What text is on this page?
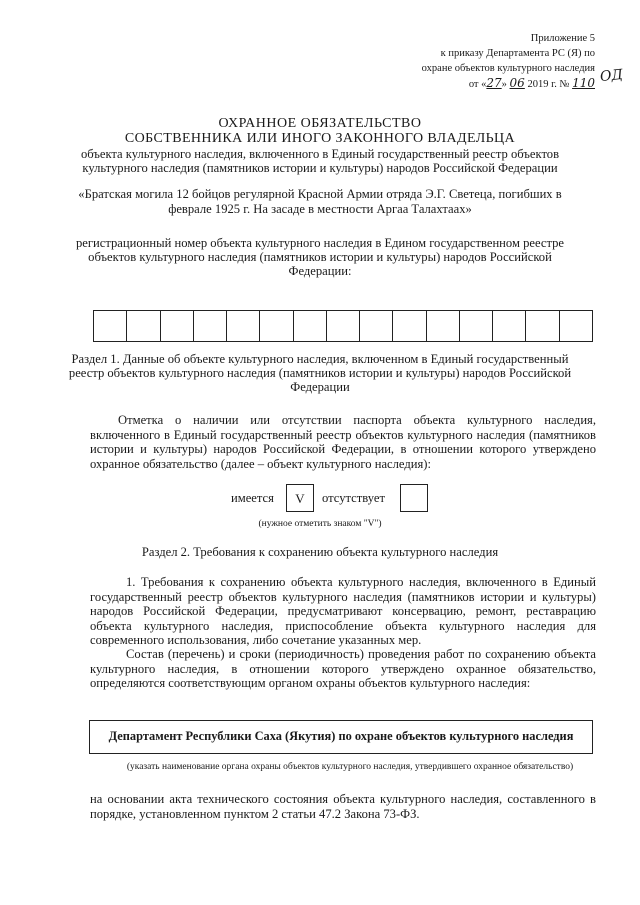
Приложение 5
к приказу Департамента РС (Я) по
охране объектов культурного наследия
от «27» 06 2019 г. № 110 ОД
ОХРАННОЕ ОБЯЗАТЕЛЬСТВО
СОБСТВЕННИКА ИЛИ ИНОГО ЗАКОННОГО ВЛАДЕЛЬЦА
объекта культурного наследия, включенного в Единый государственный реестр объектов культурного наследия (памятников истории и культуры) народов Российской Федерации
«Братская могила 12 бойцов регулярной Красной Армии отряда Э.Г. Светеца, погибших в феврале 1925 г. На засаде в местности Аргаа Талахтаах»
регистрационный номер объекта культурного наследия в Едином государственном реестре объектов культурного наследия (памятников истории и культуры) народов Российской Федерации:
Раздел 1. Данные об объекте культурного наследия, включенном в Единый государственный реестр объектов культурного наследия (памятников истории и культуры) народов Российской Федерации
Отметка о наличии или отсутствии паспорта объекта культурного наследия, включенного в Единый государственный реестр объектов культурного наследия (памятников истории и культуры) народов Российской Федерации, в отношении которого утверждено охранное обязательство (далее – объект культурного наследия):
имеется	V	отсутствует
(нужное отметить знаком "V")
Раздел 2. Требования к сохранению объекта культурного наследия
1. Требования к сохранению объекта культурного наследия, включенного в Единый государственный реестр объектов культурного наследия (памятников истории и культуры) народов Российской Федерации, предусматривают консервацию, ремонт, реставрацию объекта культурного наследия, приспособление объекта культурного наследия для современного использования, либо сочетание указанных мер.
Состав (перечень) и сроки (периодичность) проведения работ по сохранению объекта культурного наследия, в отношении которого утверждено охранное обязательство, определяются соответствующим органом охраны объектов культурного наследия:
Департамент Республики Саха (Якутия) по охране объектов культурного наследия
(указать наименование органа охраны объектов культурного наследия, утвердившего охранное обязательство)
на основании акта технического состояния объекта культурного наследия, составленного в порядке, установленном пунктом 2 статьи 47.2 Закона 73-ФЗ.
